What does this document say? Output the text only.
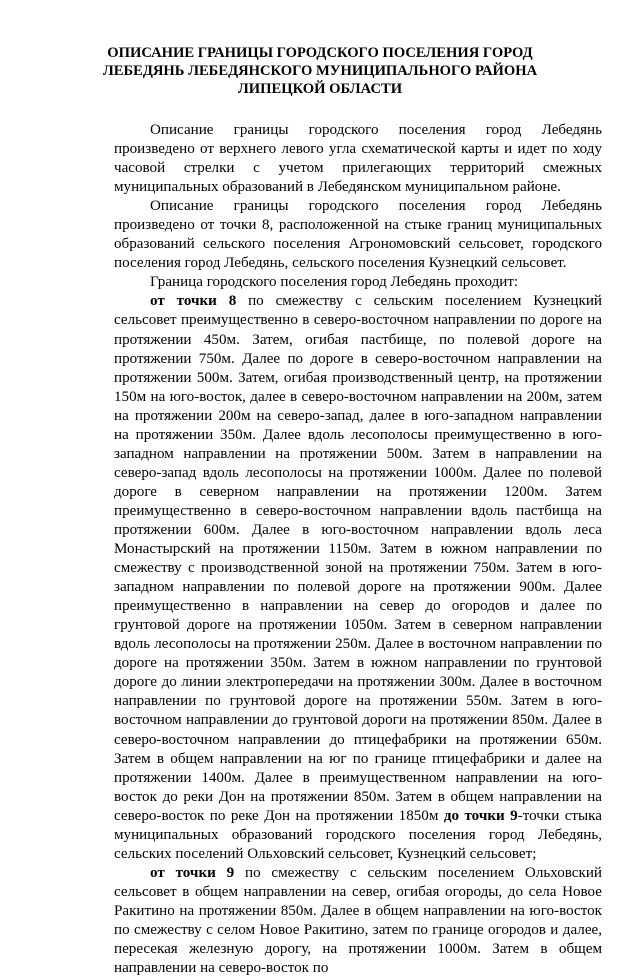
ОПИСАНИЕ ГРАНИЦЫ ГОРОДСКОГО ПОСЕЛЕНИЯ ГОРОД
ЛЕБЕДЯНЬ ЛЕБЕДЯНСКОГО МУНИЦИПАЛЬНОГО РАЙОНА
ЛИПЕЦКОЙ ОБЛАСТИ

Описание границы городского поселения город Лебедянь произведено от верхнего левого угла схематической карты и идет по ходу часовой стрелки с учетом прилегающих территорий смежных муниципальных образований в Лебедянском муниципальном районе.

Описание границы городского поселения город Лебедянь произведено от точки 8, расположенной на стыке границ муниципальных образований сельского поселения Агрономовский сельсовет, городского поселения город Лебедянь, сельского поселения Кузнецкий сельсовет.

Граница городского поселения город Лебедянь проходит:

от точки 8 по смежеству с сельским поселением Кузнецкий сельсовет преимущественно в северо-восточном направлении по дороге на протяжении 450м. Затем, огибая пастбище, по полевой дороге на протяжении 750м. Далее по дороге в северо-восточном направлении на протяжении 500м. Затем, огибая производственный центр, на протяжении 150м на юго-восток, далее в северо-восточном направлении на 200м, затем на протяжении 200м на северо-запад, далее в юго-западном направлении на протяжении 350м. Далее вдоль лесополосы преимущественно в юго-западном направлении на протяжении 500м. Затем в направлении на северо-запад вдоль лесополосы на протяжении 1000м. Далее по полевой дороге в северном направлении на протяжении 1200м. Затем преимущественно в северо-восточном направлении вдоль пастбища на протяжении 600м. Далее в юго-восточном направлении вдоль леса Монастырский на протяжении 1150м. Затем в южном направлении по смежеству с производственной зоной на протяжении 750м. Затем в юго-западном направлении по полевой дороге на протяжении 900м. Далее преимущественно в направлении на север до огородов и далее по грунтовой дороге на протяжении 1050м. Затем в северном направлении вдоль лесополосы на протяжении 250м. Далее в восточном направлении по дороге на протяжении 350м. Затем в южном направлении по грунтовой дороге до линии электропередачи на протяжении 300м. Далее в восточном направлении по грунтовой дороге на протяжении 550м. Затем в юго-восточном направлении до грунтовой дороги на протяжении 850м. Далее в северо-восточном направлении до птицефабрики на протяжении 650м. Затем в общем направлении на юг по границе птицефабрики и далее на протяжении 1400м. Далее в преимущественном направлении на юго-восток до реки Дон на протяжении 850м. Затем в общем направлении на северо-восток по реке Дон на протяжении 1850м до точки 9-точки стыка муниципальных образований городского поселения город Лебедянь, сельских поселений Ольховский сельсовет, Кузнецкий сельсовет;

от точки 9 по смежеству с сельским поселением Ольховский сельсовет в общем направлении на север, огибая огороды, до села Новое Ракитино на протяжении 850м. Далее в общем направлении на юго-восток по смежеству с селом Новое Ракитино, затем по границе огородов и далее, пересекая железную дорогу, на протяжении 1000м. Затем в общем направлении на северо-восток по
